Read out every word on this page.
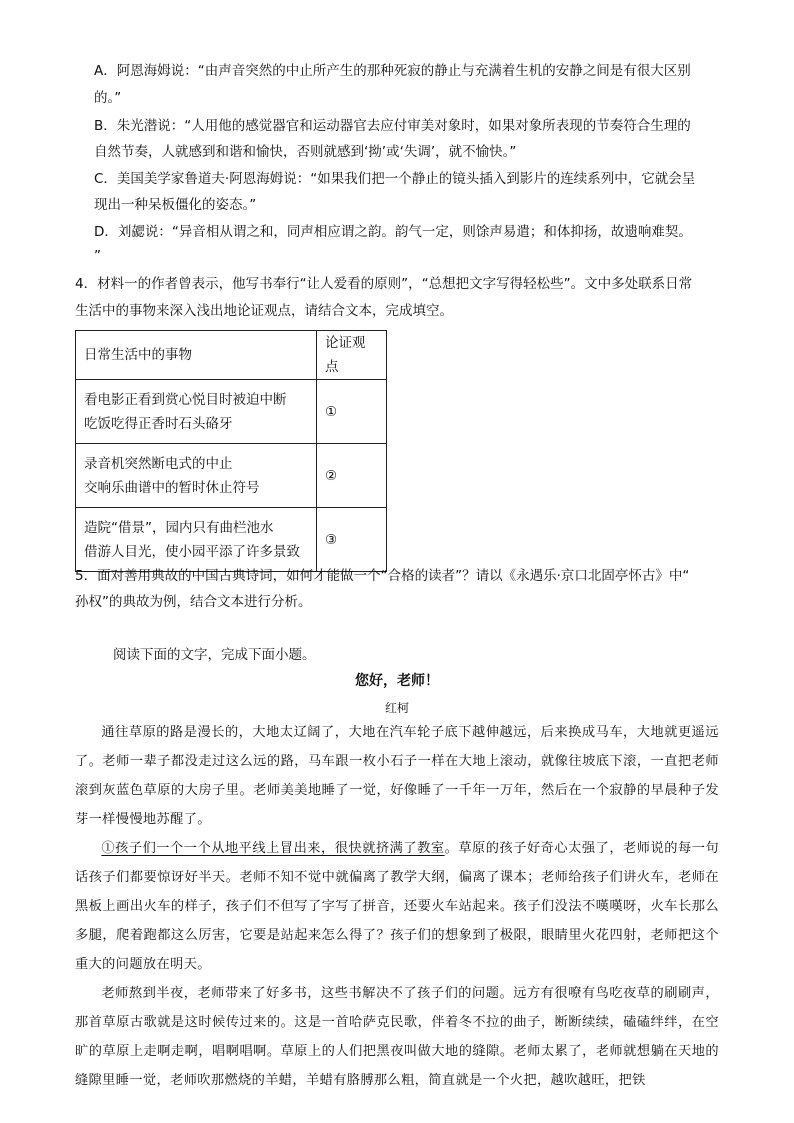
A．阿恩海姆说：“由声音突然的中止所产生的那种死寂的静止与充满着生机的安静之间是有很大区别
的。”
B．朱光潜说：“人用他的感觉器官和运动器官去应付审美对象时，如果对象所表现的节奏符合生理的
自然节奏，人就感到和谐和愉快，否则就感到‘拗’或‘失调’，就不愉快。”
C．美国美学家鲁道夫·阿恩海姆说：“如果我们把一个静止的镜头插入到影片的连续系列中，它就会呈
现出一种呆板僵化的姿态。”
D．刘勰说：“异音相从谓之和，同声相应谓之韵。韵气一定，则馀声易遣；和体抑扬，故遗响难契。
”
4．材料一的作者曾表示，他写书奉行“让人爱看的原则”，“总想把文字写得轻松些”。文中多处联系日常
生活中的事物来深入浅出地论证观点，请结合文本，完成填空。
日常生活中的事物	论证观点

看电影正看到赏心悦目时被迫中断
吃饭吃得正香时石头硌牙	①

录音机突然断电式的中止
交响乐曲谱中的暂时休止符号	②

造院“借景”，园内只有曲栏池水
借游人目光，使小园平添了许多景致	③
5．面对善用典故的中国古典诗词，如何才能做一个“合格的读者”？请以《永遇乐·京口北固亭怀古》中“
孙权”的典故为例，结合文本进行分析。
阅读下面的文字，完成下面小题。
您好，老师！
红柯

通往草原的路是漫长的，大地太辽阔了，大地在汽车轮子底下越伸越远，后来换成马车，大地就更遥远了。老师一辈子都没走过这么远的路，马车跟一枚小石子一样在大地上滚动，就像往坡底下滚，一直把老师滚到灰蓝色草原的大房子里。老师美美地睡了一觉，好像睡了一千年一万年，然后在一个寂静的早晨种子发芽一样慢慢地苏醒了。

①孩子们一个一个从地平线上冒出来，很快就挤满了教室。草原的孩子好奇心太强了，老师说的每一句话孩子们都要惊讶好半天。老师不知不觉中就偏离了教学大纲，偏离了课本；老师给孩子们讲火车，老师在黑板上画出火车的样子，孩子们不但写了字写了拼音，还要火车站起来。孩子们没法不嘆嘆呀，火车长那么多腿，爬着跑都这么厉害，它要是站起来怎么得了？孩子们的想象到了极限，眼睛里火花四射，老师把这个重大的问题放在明天。

老师熬到半夜，老师带来了好多书，这些书解决不了孩子们的问题。远方有很嘹有鸟吃夜草的刷刷声，那首草原古歌就是这时候传过来的。这是一首哈萨克民歌，伴着冬不拉的曲子，断断续续，磕磕绊绊，在空旷的草原上走啊走啊，唱啊唱啊。草原上的人们把黑夜叫做大地的缝隙。老师太累了，老师就想躺在天地的缝隙里睡一觉，老师吹那燃烧的羊蜡，羊蜡有胳膊那么粗，简直就是一个火把，越吹越旺，把铁
